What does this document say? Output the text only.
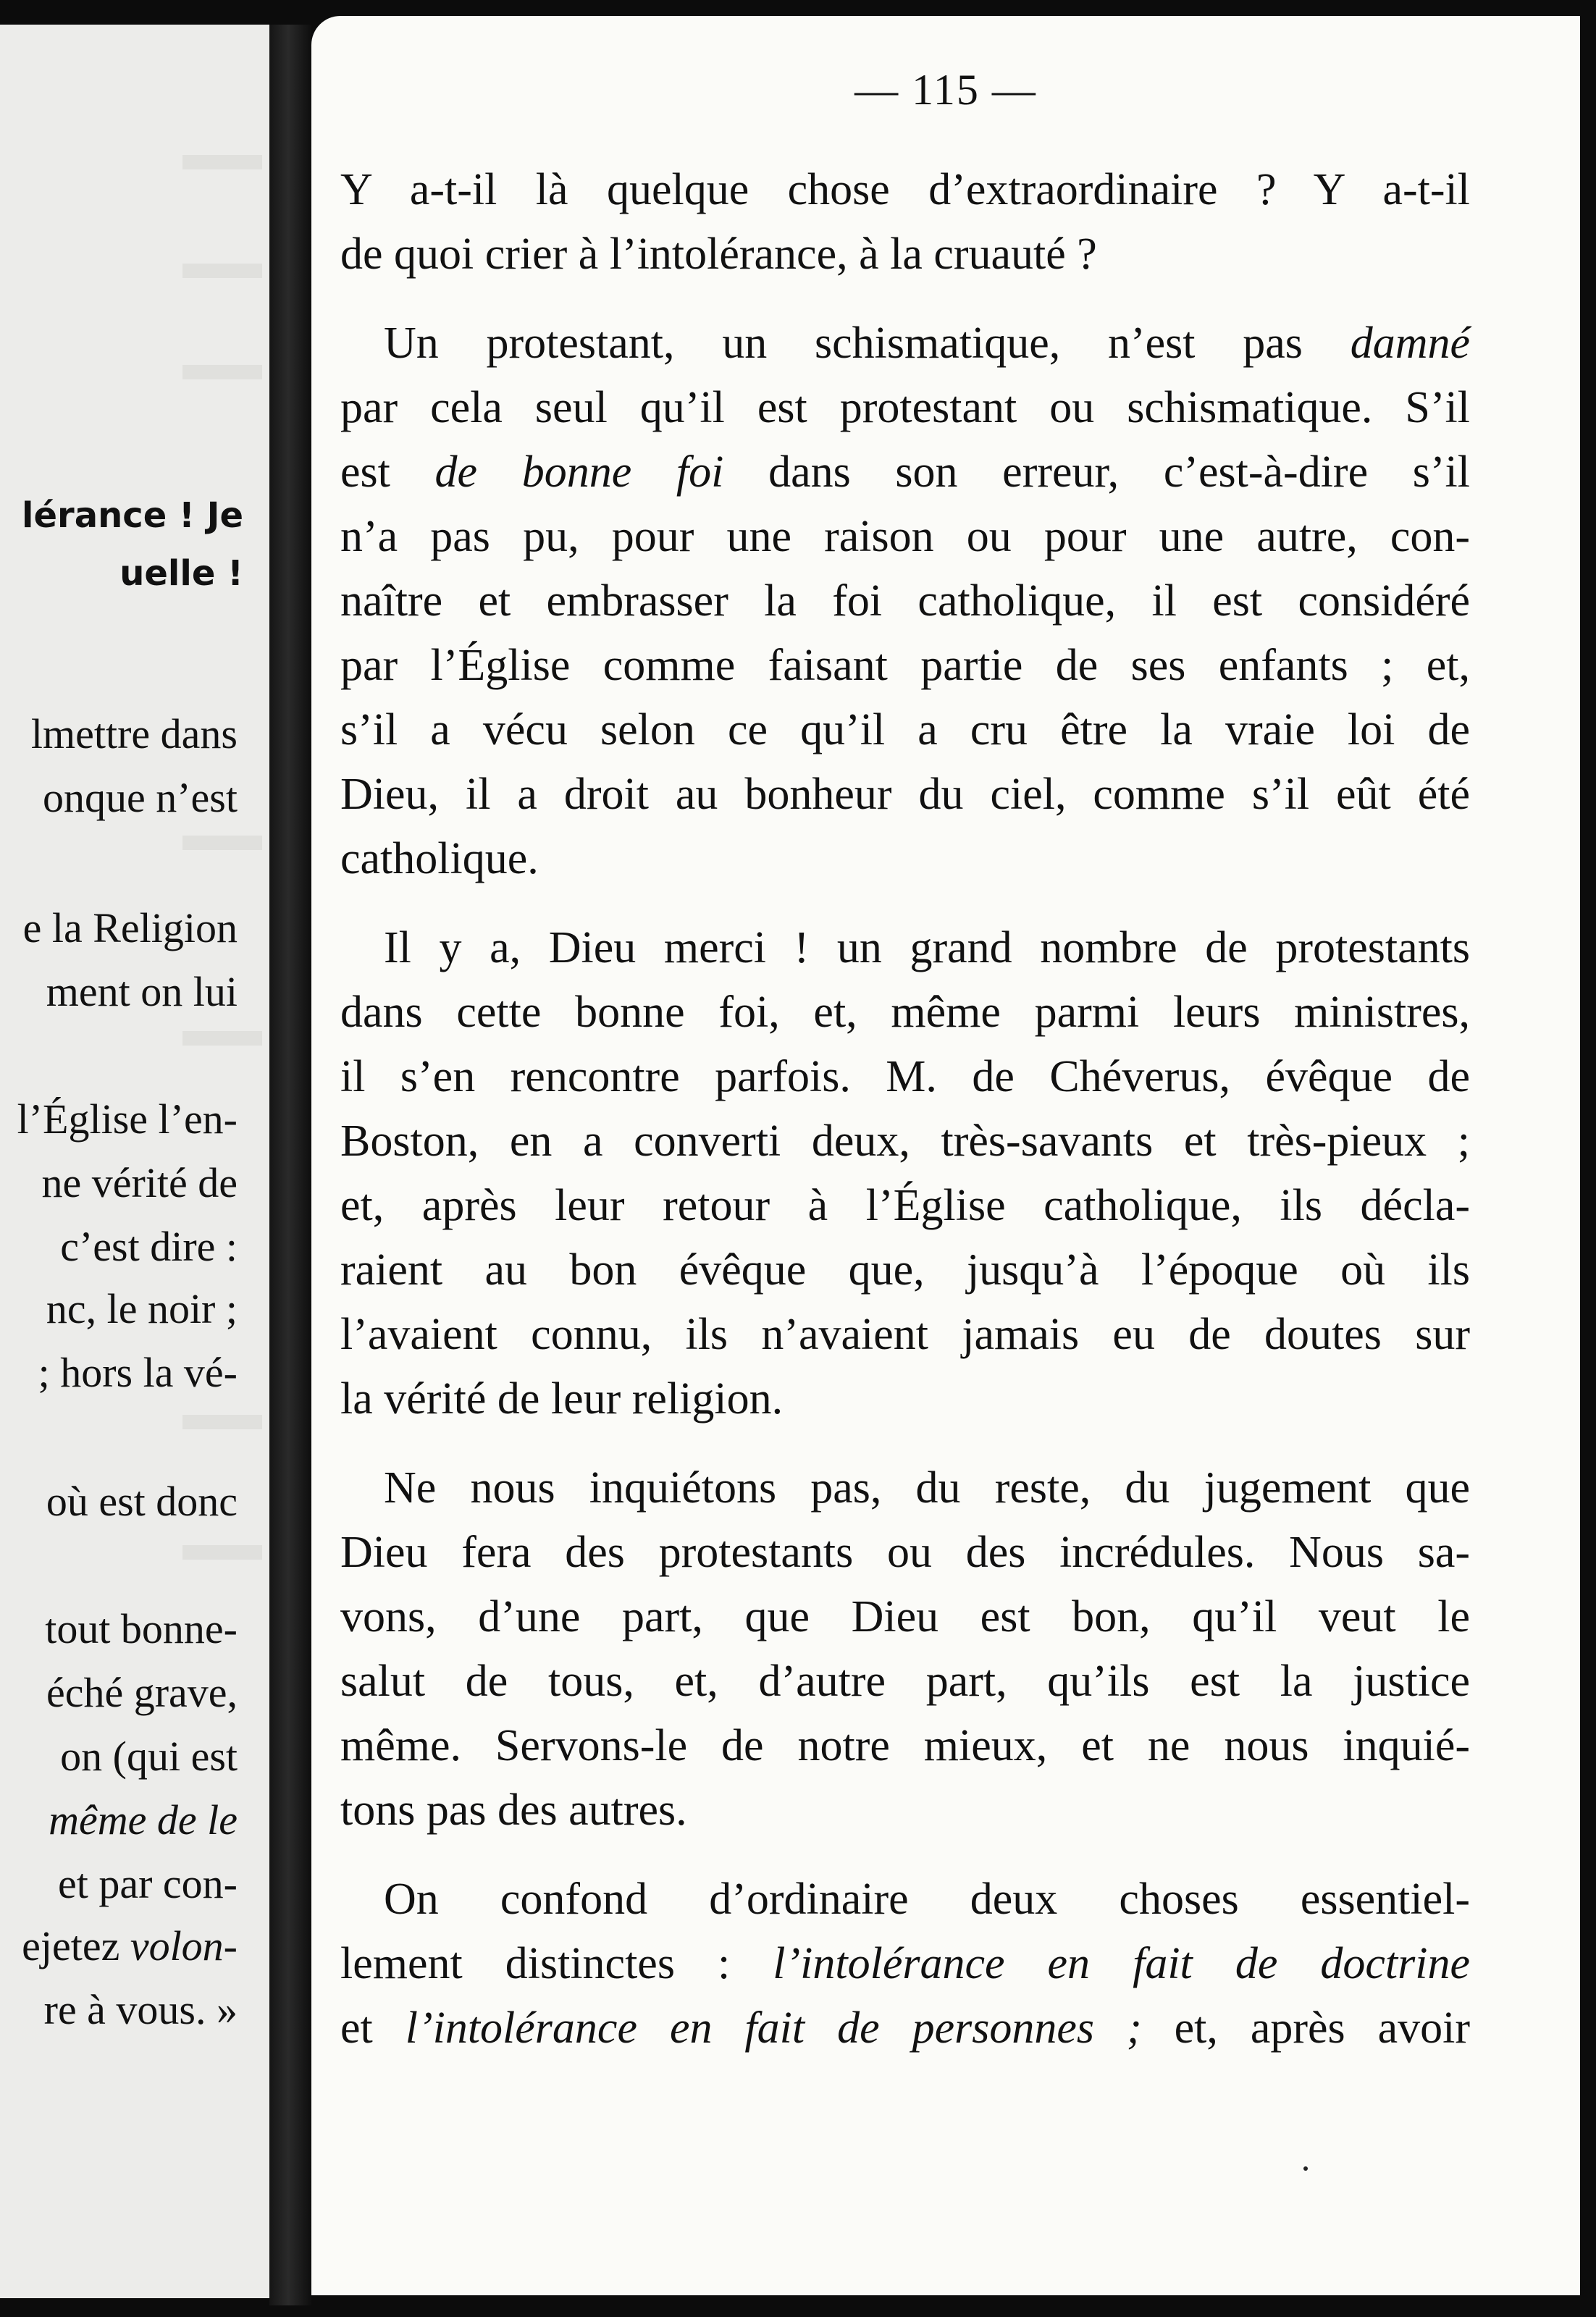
lérance ! Je
uelle !
lmettre dans
onque n’est
e la Religion
ment on lui
l’Église l’en-
ne vérité de
c’est dire :
nc, le noir ;
; hors la vé-
où est donc
tout bonne-
éché grave,
on (qui est
même de le
et par con-
ejetez volon-
re à vous. »
— 115 —
Y a-t-il là quelque chose d’extraordinaire ? Y a-t-il
de quoi crier à l’intolérance, à la cruauté ?
Un protestant, un schismatique, n’est pas damné
par cela seul qu’il est protestant ou schismatique. S’il
est de bonne foi dans son erreur, c’est-à-dire s’il
n’a pas pu, pour une raison ou pour une autre, con-
naître et embrasser la foi catholique, il est considéré
par l’Église comme faisant partie de ses enfants ; et,
s’il a vécu selon ce qu’il a cru être la vraie loi de
Dieu, il a droit au bonheur du ciel, comme s’il eût été
catholique.
Il y a, Dieu merci ! un grand nombre de protestants
dans cette bonne foi, et, même parmi leurs ministres,
il s’en rencontre parfois. M. de Chéverus, évêque de
Boston, en a converti deux, très-savants et très-pieux ;
et, après leur retour à l’Église catholique, ils décla-
raient au bon évêque que, jusqu’à l’époque où ils
l’avaient connu, ils n’avaient jamais eu de doutes sur
la vérité de leur religion.
Ne nous inquiétons pas, du reste, du jugement que
Dieu fera des protestants ou des incrédules. Nous sa-
vons, d’une part, que Dieu est bon, qu’il veut le
salut de tous, et, d’autre part, qu’ils est la justice
même. Servons-le de notre mieux, et ne nous inquié-
tons pas des autres.
On confond d’ordinaire deux choses essentiel-
lement distinctes : l’intolérance en fait de doctrine
et l’intolérance en fait de personnes ; et, après avoir
